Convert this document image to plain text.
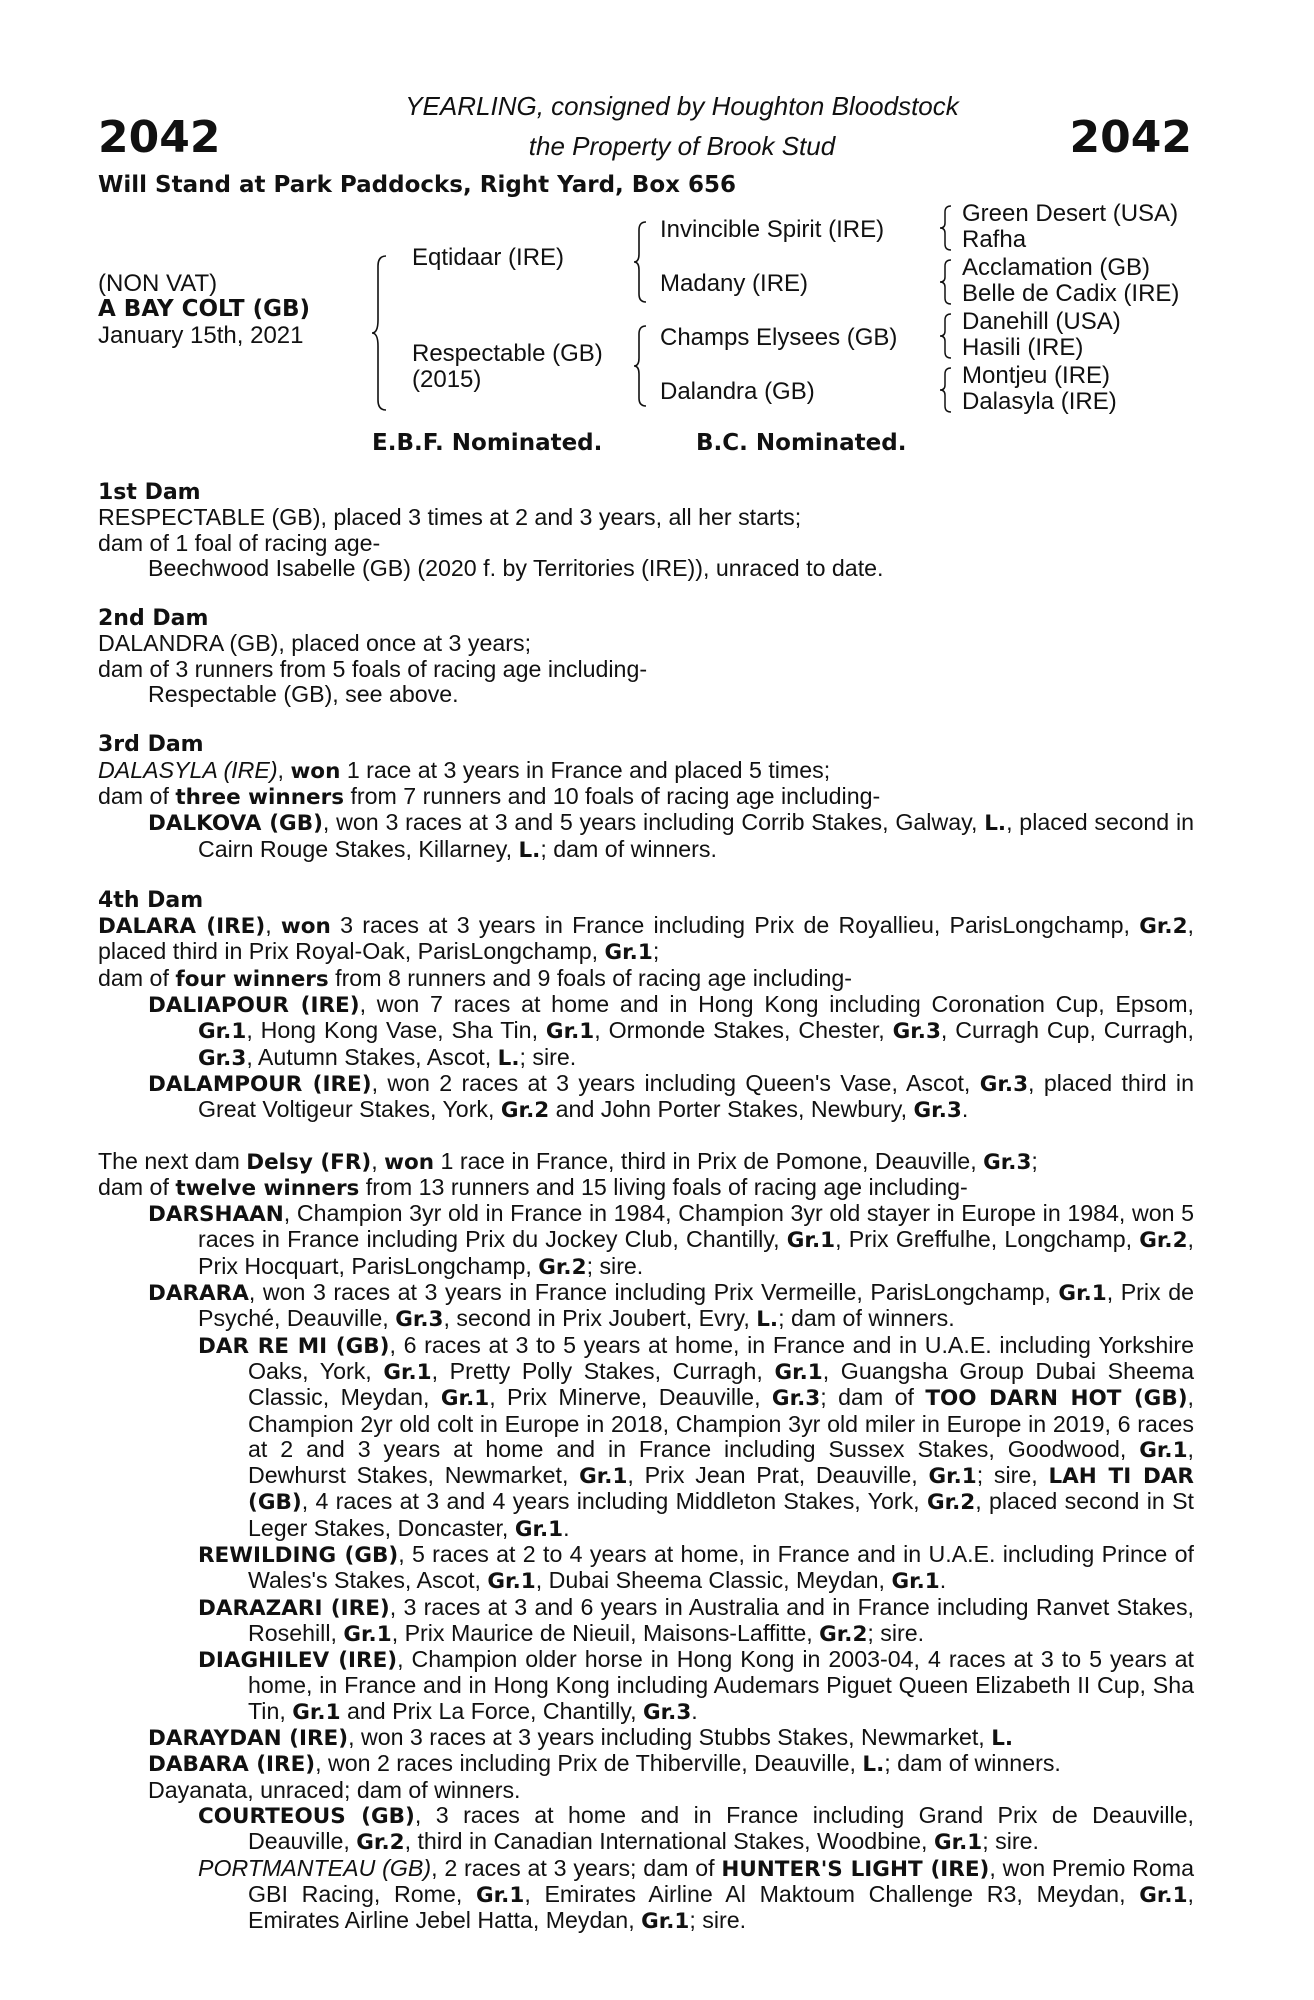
2042	2042
YEARLING, consigned by Houghton Bloodstock
the Property of Brook Stud
Will Stand at Park Paddocks, Right Yard, Box 656
(NON VAT)
A BAY COLT (GB)
January 15th, 2021
Eqtidaar (IRE)
Respectable (GB)
(2015)
Invincible Spirit (IRE)
Madany (IRE)
Champs Elysees (GB)
Dalandra (GB)
Green Desert (USA)
Rafha
Acclamation (GB)
Belle de Cadix (IRE)
Danehill (USA)
Hasili (IRE)
Montjeu (IRE)
Dalasyla (IRE)
E.B.F. Nominated.	B.C. Nominated.
1st Dam
RESPECTABLE (GB), placed 3 times at 2 and 3 years, all her starts;
dam of 1 foal of racing age-
Beechwood Isabelle (GB) (2020 f. by Territories (IRE)), unraced to date.
2nd Dam
DALANDRA (GB), placed once at 3 years;
dam of 3 runners from 5 foals of racing age including-
Respectable (GB), see above.
3rd Dam
DALASYLA (IRE), won 1 race at 3 years in France and placed 5 times;
dam of three winners from 7 runners and 10 foals of racing age including-
DALKOVA (GB), won 3 races at 3 and 5 years including Corrib Stakes, Galway, L., placed second in Cairn Rouge Stakes, Killarney, L.; dam of winners.
4th Dam
DALARA (IRE), won 3 races at 3 years in France including Prix de Royallieu, ParisLongchamp, Gr.2, placed third in Prix Royal-Oak, ParisLongchamp, Gr.1;
dam of four winners from 8 runners and 9 foals of racing age including-
DALIAPOUR (IRE), won 7 races at home and in Hong Kong including Coronation Cup, Epsom, Gr.1, Hong Kong Vase, Sha Tin, Gr.1, Ormonde Stakes, Chester, Gr.3, Curragh Cup, Curragh, Gr.3, Autumn Stakes, Ascot, L.; sire.
DALAMPOUR (IRE), won 2 races at 3 years including Queen's Vase, Ascot, Gr.3, placed third in Great Voltigeur Stakes, York, Gr.2 and John Porter Stakes, Newbury, Gr.3.
The next dam Delsy (FR), won 1 race in France, third in Prix de Pomone, Deauville, Gr.3;
dam of twelve winners from 13 runners and 15 living foals of racing age including-
DARSHAAN, Champion 3yr old in France in 1984, Champion 3yr old stayer in Europe in 1984, won 5 races in France including Prix du Jockey Club, Chantilly, Gr.1, Prix Greffulhe, Longchamp, Gr.2, Prix Hocquart, ParisLongchamp, Gr.2; sire.
DARARA, won 3 races at 3 years in France including Prix Vermeille, ParisLongchamp, Gr.1, Prix de Psyché, Deauville, Gr.3, second in Prix Joubert, Evry, L.; dam of winners.
DAR RE MI (GB), 6 races at 3 to 5 years at home, in France and in U.A.E. including Yorkshire Oaks, York, Gr.1, Pretty Polly Stakes, Curragh, Gr.1, Guangsha Group Dubai Sheema Classic, Meydan, Gr.1, Prix Minerve, Deauville, Gr.3; dam of TOO DARN HOT (GB), Champion 2yr old colt in Europe in 2018, Champion 3yr old miler in Europe in 2019, 6 races at 2 and 3 years at home and in France including Sussex Stakes, Goodwood, Gr.1, Dewhurst Stakes, Newmarket, Gr.1, Prix Jean Prat, Deauville, Gr.1; sire, LAH TI DAR (GB), 4 races at 3 and 4 years including Middleton Stakes, York, Gr.2, placed second in St Leger Stakes, Doncaster, Gr.1.
REWILDING (GB), 5 races at 2 to 4 years at home, in France and in U.A.E. including Prince of Wales's Stakes, Ascot, Gr.1, Dubai Sheema Classic, Meydan, Gr.1.
DARAZARI (IRE), 3 races at 3 and 6 years in Australia and in France including Ranvet Stakes, Rosehill, Gr.1, Prix Maurice de Nieuil, Maisons-Laffitte, Gr.2; sire.
DIAGHILEV (IRE), Champion older horse in Hong Kong in 2003-04, 4 races at 3 to 5 years at home, in France and in Hong Kong including Audemars Piguet Queen Elizabeth II Cup, Sha Tin, Gr.1 and Prix La Force, Chantilly, Gr.3.
DARAYDAN (IRE), won 3 races at 3 years including Stubbs Stakes, Newmarket, L.
DABARA (IRE), won 2 races including Prix de Thiberville, Deauville, L.; dam of winners.
Dayanata, unraced; dam of winners.
COURTEOUS (GB), 3 races at home and in France including Grand Prix de Deauville, Deauville, Gr.2, third in Canadian International Stakes, Woodbine, Gr.1; sire.
PORTMANTEAU (GB), 2 races at 3 years; dam of HUNTER'S LIGHT (IRE), won Premio Roma GBI Racing, Rome, Gr.1, Emirates Airline Al Maktoum Challenge R3, Meydan, Gr.1, Emirates Airline Jebel Hatta, Meydan, Gr.1; sire.
